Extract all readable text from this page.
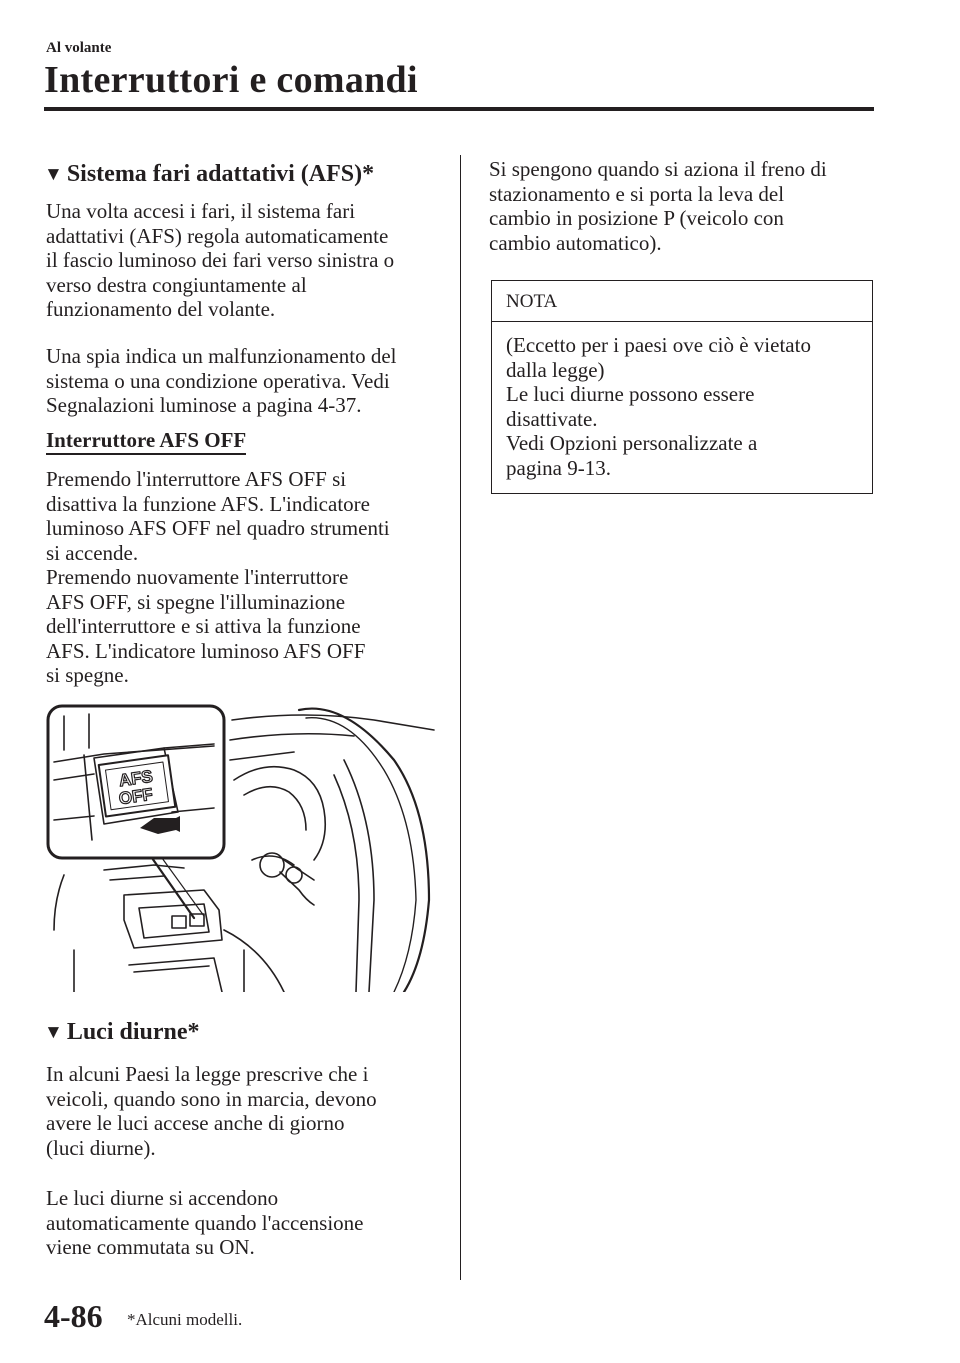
Al volante
Interruttori e comandi
▼ Sistema fari adattativi (AFS)*
Una volta accesi i fari, il sistema fari
adattativi (AFS) regola automaticamente
il fascio luminoso dei fari verso sinistra o
verso destra congiuntamente al
funzionamento del volante.
Una spia indica un malfunzionamento del
sistema o una condizione operativa. Vedi
Segnalazioni luminose a pagina 4-37.
Interruttore AFS OFF
Premendo l'interruttore AFS OFF si
disattiva la funzione AFS. L'indicatore
luminoso AFS OFF nel quadro strumenti
si accende.
Premendo nuovamente l'interruttore
AFS OFF, si spegne l'illuminazione
dell'interruttore e si attiva la funzione
AFS. L'indicatore luminoso AFS OFF
si spegne.
AFS
OFF
▼ Luci diurne*
In alcuni Paesi la legge prescrive che i
veicoli, quando sono in marcia, devono
avere le luci accese anche di giorno
(luci diurne).
Le luci diurne si accendono
automaticamente quando l'accensione
viene commutata su ON.
Si spengono quando si aziona il freno di
stazionamento e si porta la leva del
cambio in posizione P (veicolo con
cambio automatico).
NOTA
(Eccetto per i paesi ove ciò è vietato
dalla legge)
Le luci diurne possono essere
disattivate.
Vedi Opzioni personalizzate a
pagina 9-13.
4-86 *Alcuni modelli.
